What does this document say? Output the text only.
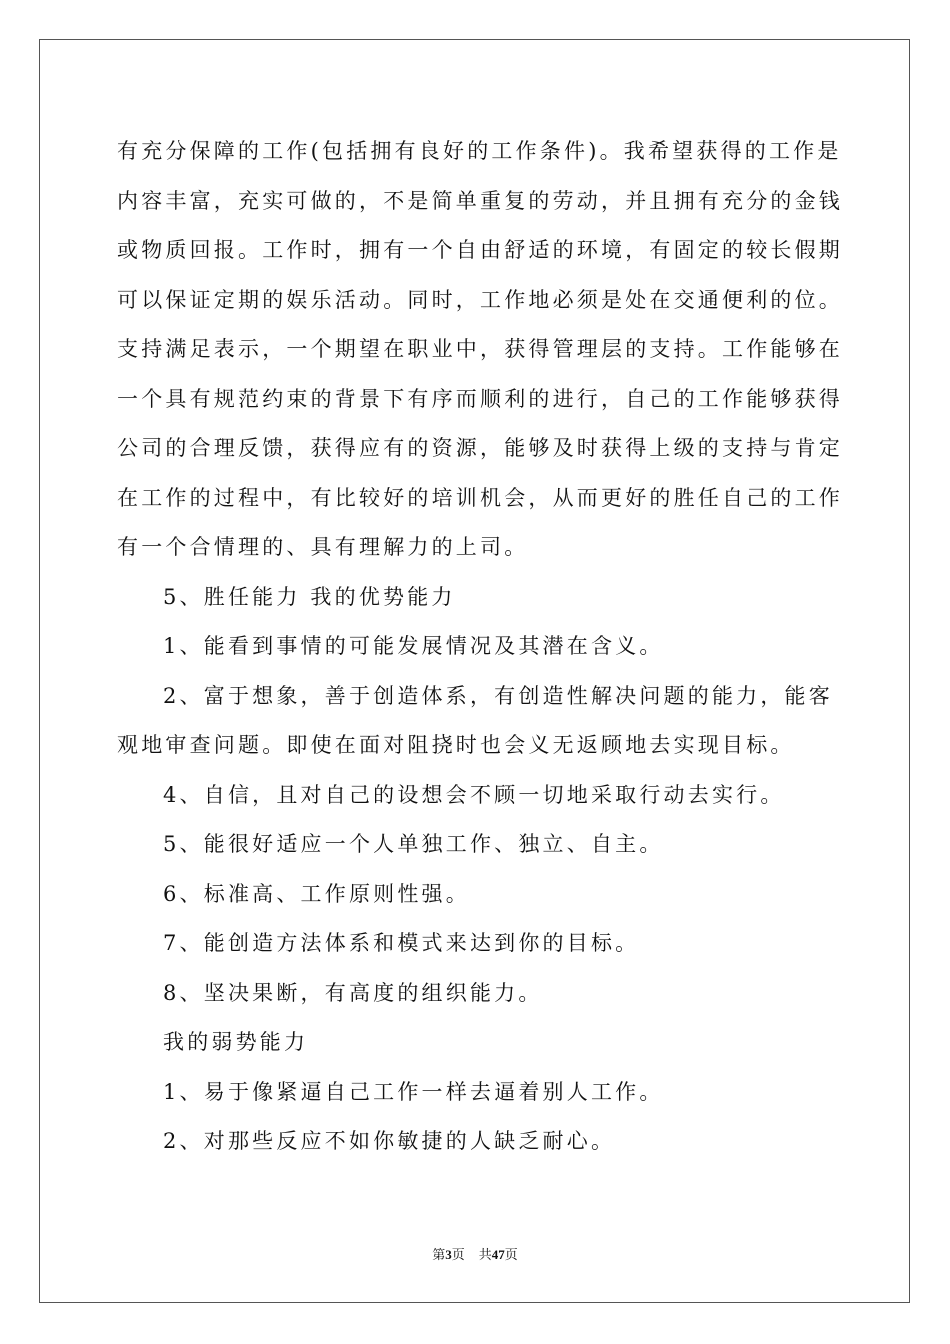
有充分保障的工作(包括拥有良好的工作条件)。我希望获得的工作是
内容丰富，充实可做的，不是简单重复的劳动，并且拥有充分的金钱
或物质回报。工作时，拥有一个自由舒适的环境，有固定的较长假期
可以保证定期的娱乐活动。同时，工作地必须是处在交通便利的位。
支持满足表示，一个期望在职业中，获得管理层的支持。工作能够在
一个具有规范约束的背景下有序而顺利的进行，自己的工作能够获得
公司的合理反馈，获得应有的资源，能够及时获得上级的支持与肯定
在工作的过程中，有比较好的培训机会，从而更好的胜任自己的工作
有一个合情理的、具有理解力的上司。
5、胜任能力 我的优势能力
1、能看到事情的可能发展情况及其潜在含义。
2、富于想象，善于创造体系，有创造性解决问题的能力，能客
观地审查问题。即使在面对阻挠时也会义无返顾地去实现目标。
4、自信，且对自己的设想会不顾一切地采取行动去实行。
5、能很好适应一个人单独工作、独立、自主。
6、标准高、工作原则性强。
7、能创造方法体系和模式来达到你的目标。
8、坚决果断，有高度的组织能力。
我的弱势能力
1、易于像紧逼自己工作一样去逼着别人工作。
2、对那些反应不如你敏捷的人缺乏耐心。
第3页 共47页
